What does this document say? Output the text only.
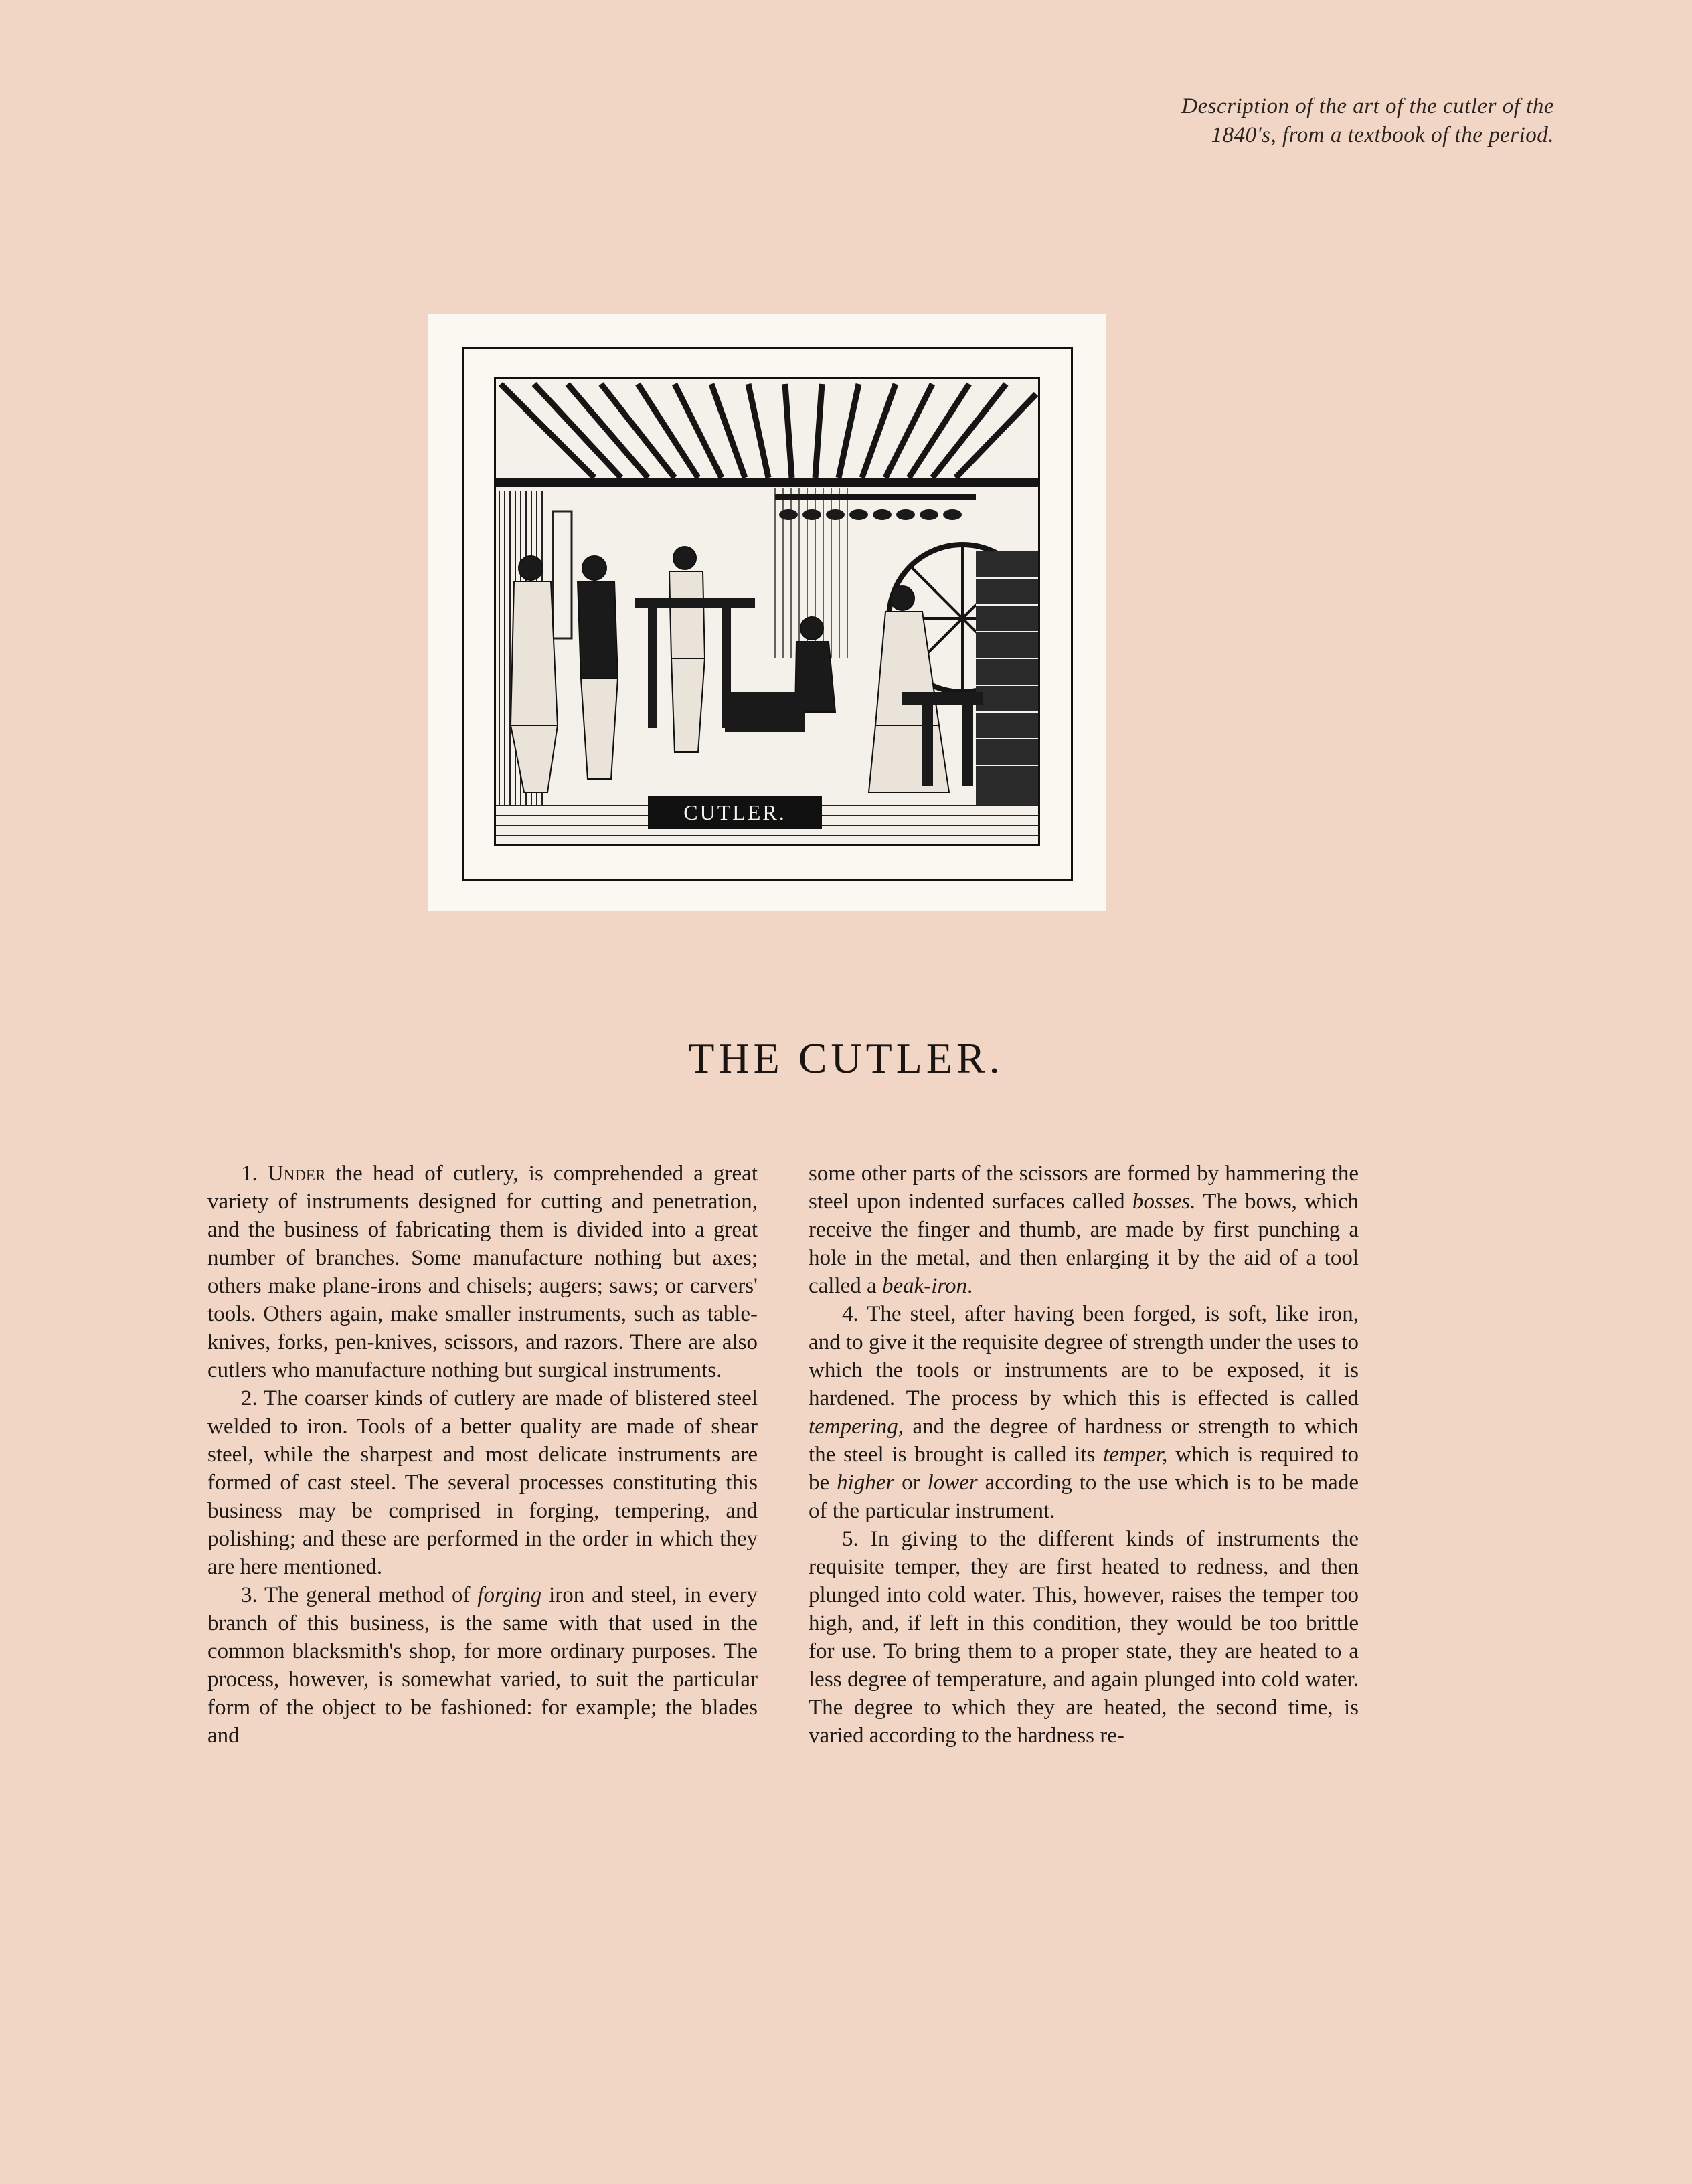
Description of the art of the cutler of the
1840's, from a textbook of the period.
CUTLER.
THE CUTLER.

1. Under the head of cutlery, is comprehended a great variety of instruments designed for cutting and penetration, and the business of fabricating them is divided into a great number of branches. Some manufacture nothing but axes; others make plane-irons and chisels; augers; saws; or carvers' tools. Others again, make smaller instruments, such as table-knives, forks, pen-knives, scissors, and razors. There are also cutlers who manufacture nothing but surgical instruments.

2. The coarser kinds of cutlery are made of blistered steel welded to iron. Tools of a better quality are made of shear steel, while the sharpest and most delicate instruments are formed of cast steel. The several processes constituting this business may be comprised in forging, tempering, and polishing; and these are performed in the order in which they are here mentioned.

3. The general method of forging iron and steel, in every branch of this business, is the same with that used in the common blacksmith's shop, for more ordinary purposes. The process, however, is somewhat varied, to suit the particular form of the object to be fashioned: for example; the blades and

some other parts of the scissors are formed by hammering the steel upon indented surfaces called bosses. The bows, which receive the finger and thumb, are made by first punching a hole in the metal, and then enlarging it by the aid of a tool called a beak-iron.

4. The steel, after having been forged, is soft, like iron, and to give it the requisite degree of strength under the uses to which the tools or instruments are to be exposed, it is hardened. The process by which this is effected is called tempering, and the degree of hardness or strength to which the steel is brought is called its temper, which is required to be higher or lower according to the use which is to be made of the particular instrument.

5. In giving to the different kinds of instruments the requisite temper, they are first heated to redness, and then plunged into cold water. This, however, raises the temper too high, and, if left in this condition, they would be too brittle for use. To bring them to a proper state, they are heated to a less degree of temperature, and again plunged into cold water. The degree to which they are heated, the second time, is varied according to the hardness re-
